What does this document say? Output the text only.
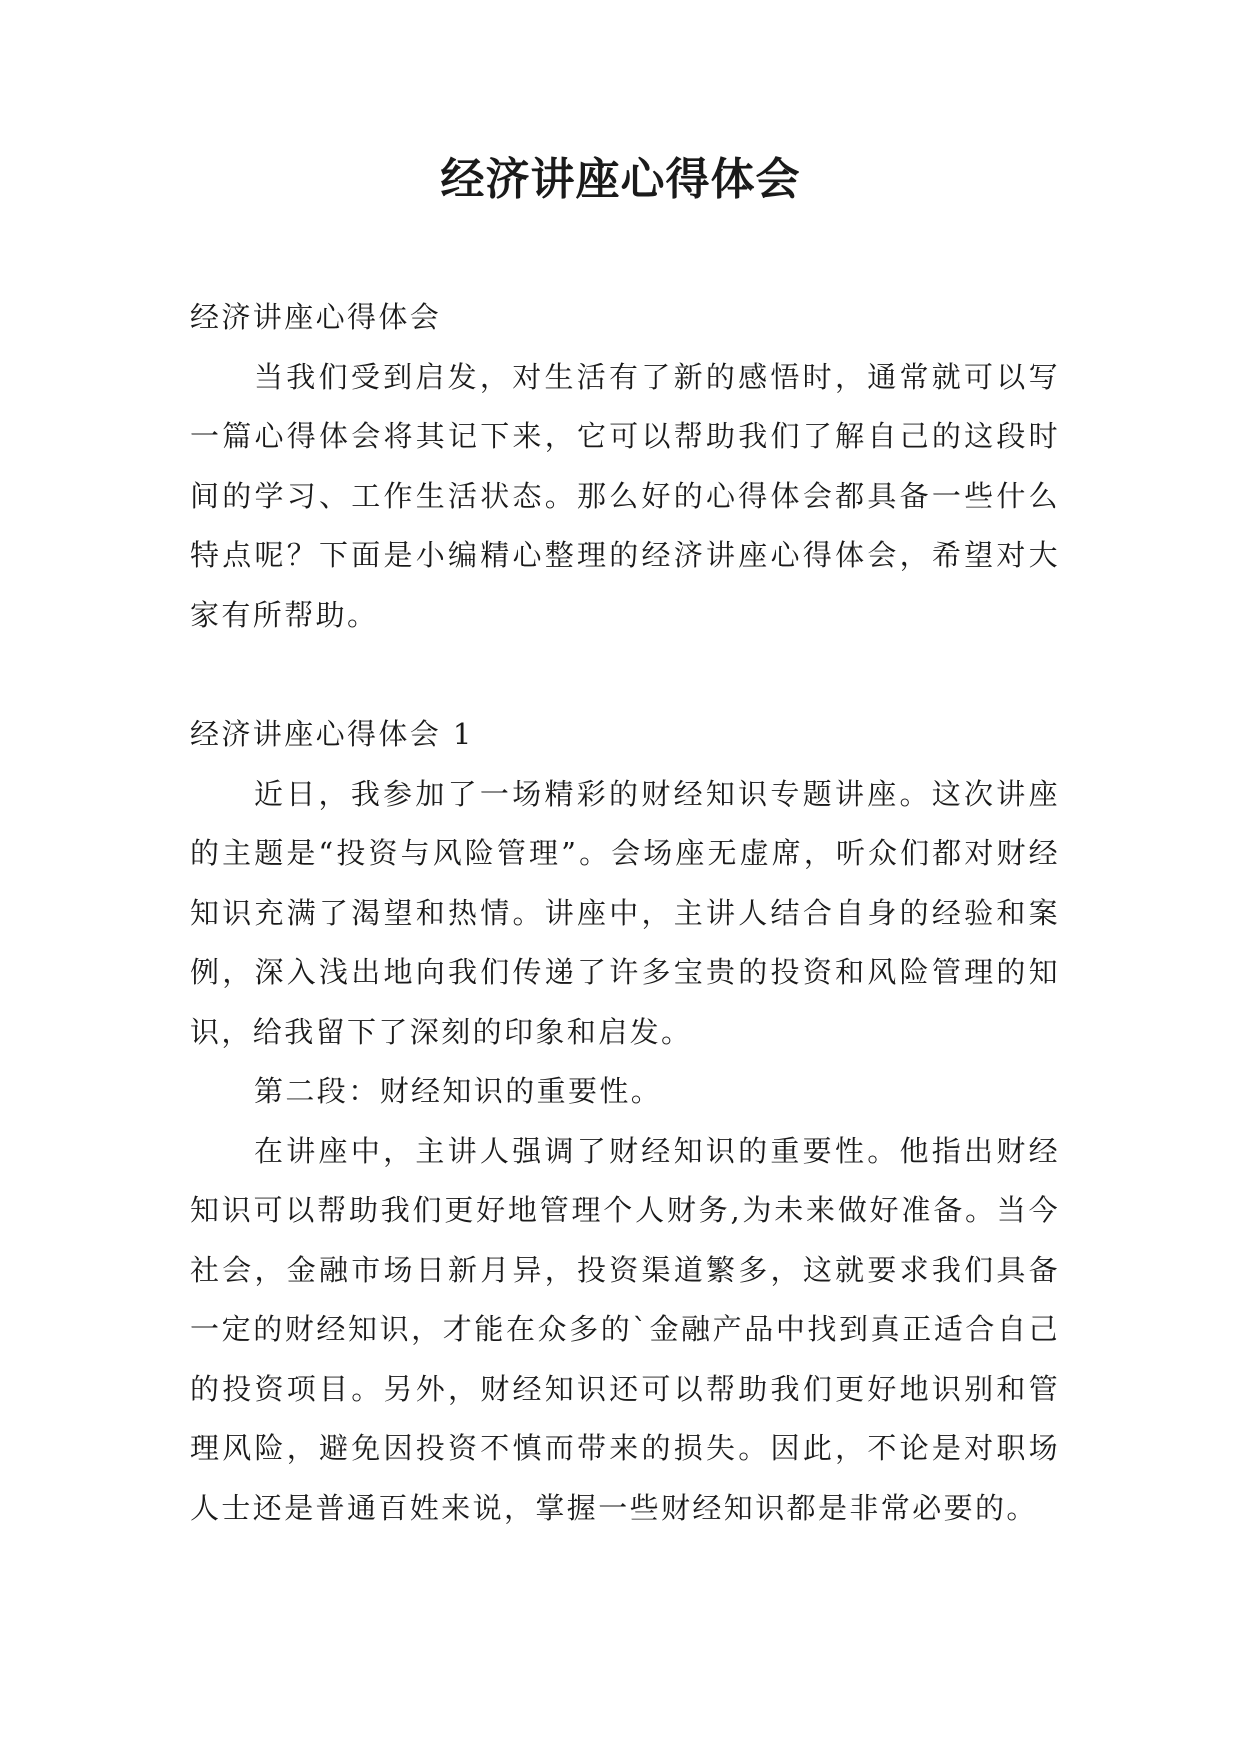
经济讲座心得体会

经济讲座心得体会

当我们受到启发，对生活有了新的感悟时，通常就可以写一篇心得体会将其记下来，它可以帮助我们了解自己的这段时间的学习、工作生活状态。那么好的心得体会都具备一些什么特点呢？下面是小编精心整理的经济讲座心得体会，希望对大家有所帮助。

经济讲座心得体会 1

近日，我参加了一场精彩的财经知识专题讲座。这次讲座的主题是“投资与风险管理”。会场座无虚席，听众们都对财经知识充满了渴望和热情。讲座中，主讲人结合自身的经验和案例，深入浅出地向我们传递了许多宝贵的投资和风险管理的知识，给我留下了深刻的印象和启发。

第二段：财经知识的重要性。

在讲座中，主讲人强调了财经知识的重要性。他指出财经知识可以帮助我们更好地管理个人财务,为未来做好准备。当今社会，金融市场日新月异，投资渠道繁多，这就要求我们具备一定的财经知识，才能在众多的`金融产品中找到真正适合自己的投资项目。另外，财经知识还可以帮助我们更好地识别和管理风险，避免因投资不慎而带来的损失。因此，不论是对职场人士还是普通百姓来说，掌握一些财经知识都是非常必要的。
